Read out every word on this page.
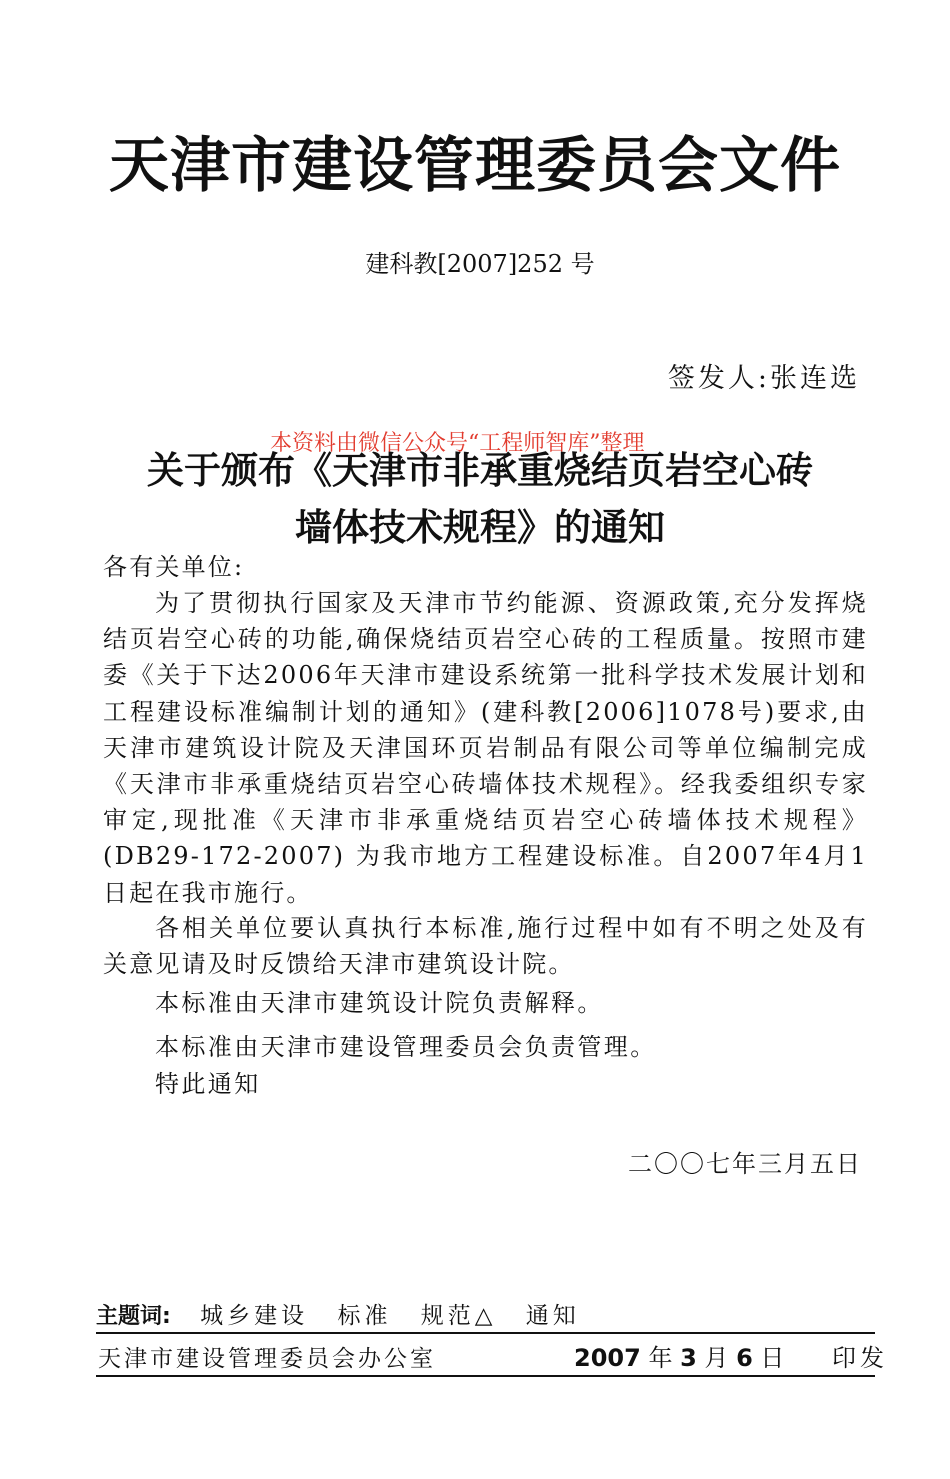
天津市建设管理委员会文件
建科教[2007]252 号
签发人:张连选
关于颁布《天津市非承重烧结页岩空心砖
墙体技术规程》的通知
本资料由微信公众号“工程师智库”整理
各有关单位:

为了贯彻执行国家及天津市节约能源、资源政策,充分发挥烧结页岩空心砖的功能,确保烧结页岩空心砖的工程质量。按照市建委《关于下达2006年天津市建设系统第一批科学技术发展计划和工程建设标准编制计划的通知》(建科教[2006]1078号)要求,由天津市建筑设计院及天津国环页岩制品有限公司等单位编制完成《天津市非承重烧结页岩空心砖墙体技术规程》。经我委组织专家审定,现批准《天津市非承重烧结页岩空心砖墙体技术规程》(DB29-172-2007) 为我市地方工程建设标准。自2007年4月1日起在我市施行。

各相关单位要认真执行本标准,施行过程中如有不明之处及有关意见请及时反馈给天津市建筑设计院。

本标准由天津市建筑设计院负责解释。
本标准由天津市建设管理委员会负责管理。
特此通知
二〇〇七年三月五日
主题词: 城乡建设 标准 规范△ 通知
天津市建设管理委员会办公室	2007 年 3 月 6 日 印发
